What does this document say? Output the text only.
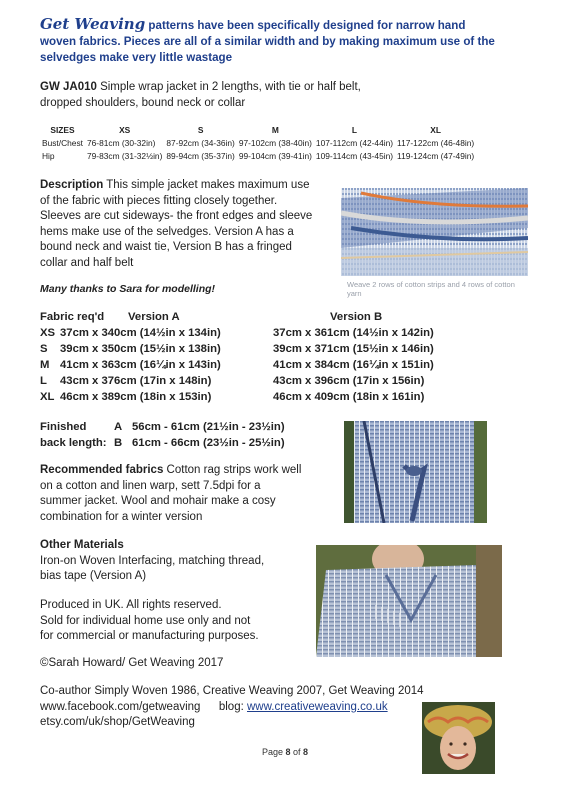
Get Weaving patterns have been specifically designed for narrow hand
woven fabrics. Pieces are all of a similar width and by making maximum use of the
selvedges make very little wastage
GW JA010 Simple wrap jacket in 2 lengths, with tie or half belt,
dropped shoulders, bound neck or collar
SIZES	XS	S	M	L	XL
Bust/Chest	76-81cm (30-32in)	87-92cm (34-36in)	97-102cm (38-40in)	107-112cm (42-44in)	117-122cm (46-48in)
Hip	79-83cm (31-32½in)	89-94cm (35-37in)	99-104cm (39-41in)	109-114cm (43-45in)	119-124cm (47-49in)
Description This simple jacket makes maximum use
of the fabric with pieces fitting closely together.
Sleeves are cut sideways- the front edges and sleeve
hems make use of the selvedges. Version A has a
bound neck and waist tie, Version B has a fringed
collar and half belt
Many thanks to Sara for modelling!	Weave 2 rows of cotton strips and 4 rows of cotton yarn
Fabric req'd Version A	Version B
XS 37cm x 340cm (14½in x 134in)	37cm x 361cm (14½in x 142in)
S 39cm x 350cm (15½in x 138in)	39cm x 371cm (15½in x 146in)
M 41cm x 363cm (16¼in x 143in)	41cm x 384cm (16¼in x 151in)
L 43cm x 376cm (17in x 148in)	43cm x 396cm (17in x 156in)
XL 46cm x 389cm (18in x 153in)	46cm x 409cm (18in x 161in)
Finished A 56cm - 61cm (21½in - 23½in)
back length: B 61cm - 66cm (23½in - 25½in)
Recommended fabrics Cotton rag strips work well
on a cotton and linen warp, sett 7.5dpi for a
summer jacket. Wool and mohair make a cosy
combination for a winter version
Other Materials
Iron-on Woven Interfacing, matching thread,
bias tape (Version A)
Produced in UK. All rights reserved.
Sold for individual home use only and not
for commercial or manufacturing purposes.
©Sarah Howard/ Get Weaving 2017
Co-author Simply Woven 1986, Creative Weaving 2007, Get Weaving 2014
www.facebook.com/getweaving blog: www.creativeweaving.co.uk
etsy.com/uk/shop/GetWeaving
Page 8 of 8
